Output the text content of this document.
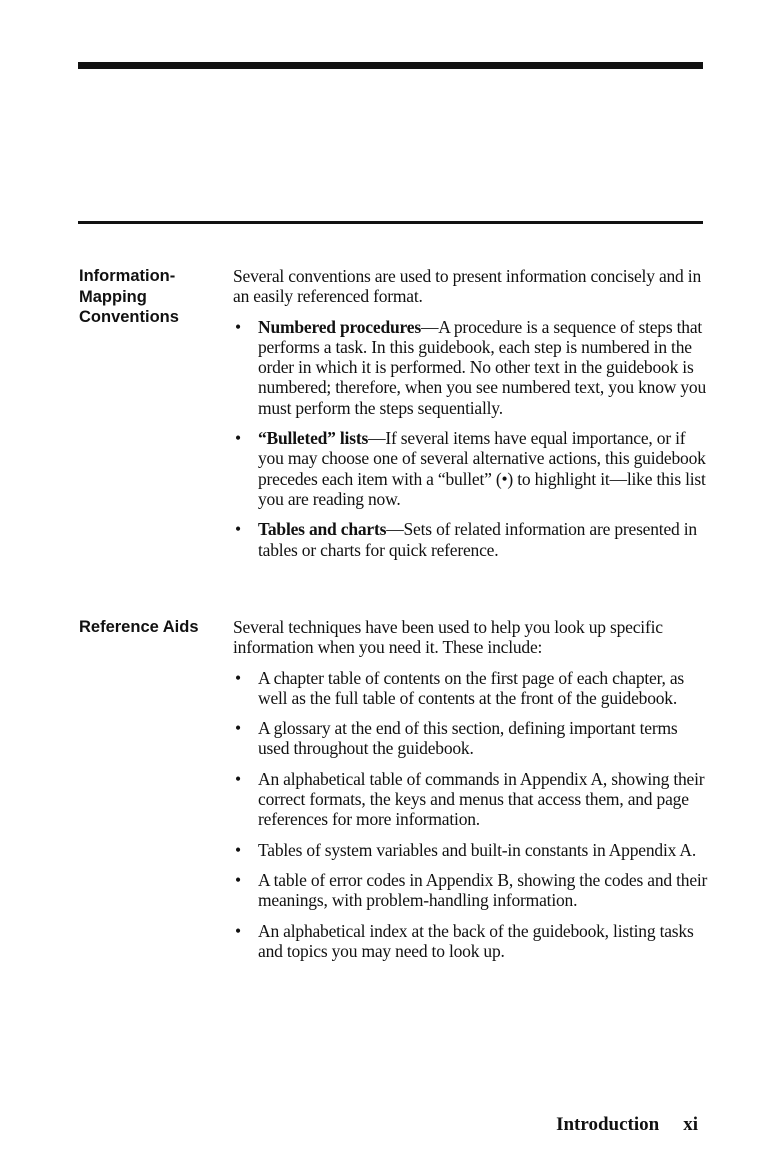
Information-
Mapping
Conventions

Several conventions are used to present information concisely and in an easily referenced format.

• Numbered procedures—A procedure is a sequence of steps that performs a task. In this guidebook, each step is numbered in the order in which it is performed. No other text in the guidebook is numbered; therefore, when you see numbered text, you know you must perform the steps sequentially.
• “Bulleted” lists—If several items have equal importance, or if you may choose one of several alternative actions, this guidebook precedes each item with a “bullet” (•) to highlight it—like this list you are reading now.
• Tables and charts—Sets of related information are presented in tables or charts for quick reference.
Reference Aids	Several techniques have been used to help you look up specific information when you need it. These include:

• A chapter table of contents on the first page of each chapter, as well as the full table of contents at the front of the guidebook.
• A glossary at the end of this section, defining important terms used throughout the guidebook.
• An alphabetical table of commands in Appendix A, showing their correct formats, the keys and menus that access them, and page references for more information.
• Tables of system variables and built-in constants in Appendix A.
• A table of error codes in Appendix B, showing the codes and their meanings, with problem-handling information.
• An alphabetical index at the back of the guidebook, listing tasks and topics you may need to look up.
Introduction xi
